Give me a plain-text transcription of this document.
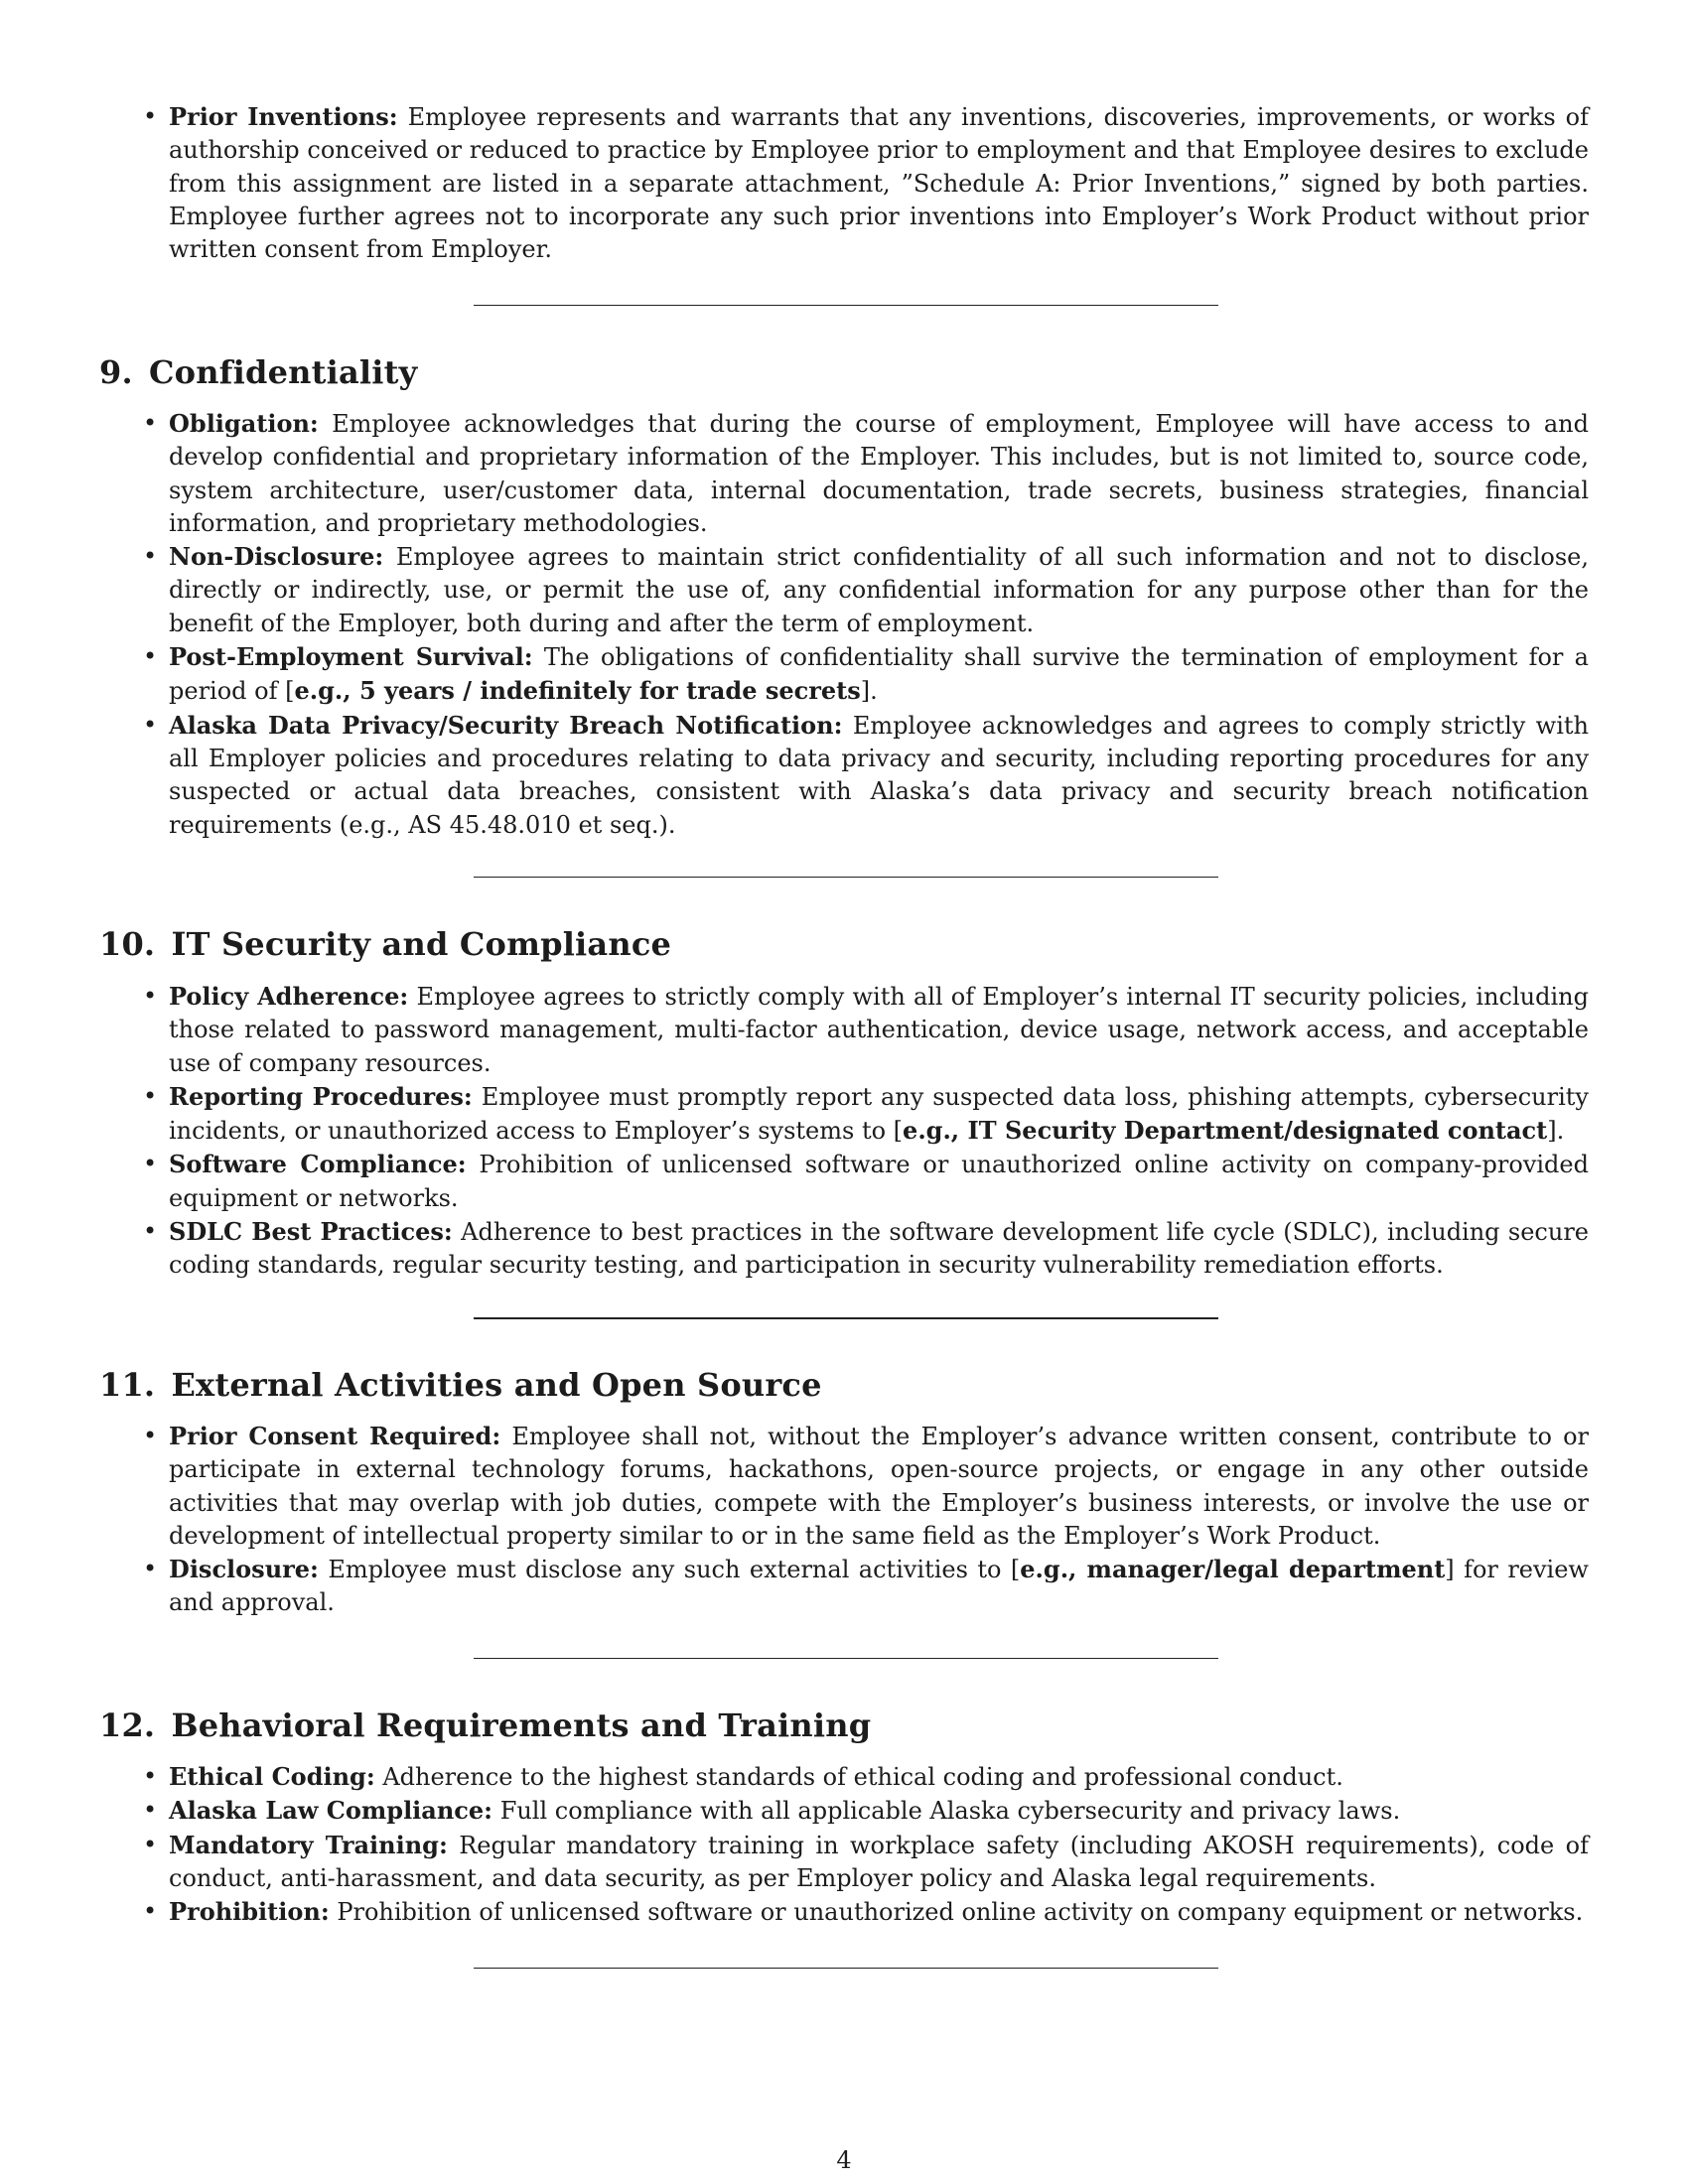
• Prior Inventions: Employee represents and warrants that any inventions, discoveries, improvements, or works of authorship conceived or reduced to practice by Employee prior to employment and that Employee desires to exclude from this assignment are listed in a separate attachment, ”Schedule A: Prior Inventions,” signed by both parties. Employee further agrees not to incorporate any such prior inventions into Employer’s Work Product without prior written consent from Employer.
9. Confidentiality
• Obligation: Employee acknowledges that during the course of employment, Employee will have access to and develop confidential and proprietary information of the Employer. This includes, but is not limited to, source code, system architecture, user/customer data, internal documentation, trade secrets, business strategies, financial information, and proprietary methodologies.
• Non-Disclosure: Employee agrees to maintain strict confidentiality of all such information and not to disclose, directly or indirectly, use, or permit the use of, any confidential information for any purpose other than for the benefit of the Employer, both during and after the term of employment.
• Post-Employment Survival: The obligations of confidentiality shall survive the termination of employment for a period of [e.g., 5 years / indefinitely for trade secrets].
• Alaska Data Privacy/Security Breach Notification: Employee acknowledges and agrees to comply strictly with all Employer policies and procedures relating to data privacy and security, including reporting procedures for any suspected or actual data breaches, consistent with Alaska’s data privacy and security breach notification requirements (e.g., AS 45.48.010 et seq.).
10. IT Security and Compliance
• Policy Adherence: Employee agrees to strictly comply with all of Employer’s internal IT security policies, including those related to password management, multi-factor authentication, device usage, network access, and acceptable use of company resources.
• Reporting Procedures: Employee must promptly report any suspected data loss, phishing attempts, cybersecurity incidents, or unauthorized access to Employer’s systems to [e.g., IT Security Department/designated contact].
• Software Compliance: Prohibition of unlicensed software or unauthorized online activity on company-provided equipment or networks.
• SDLC Best Practices: Adherence to best practices in the software development life cycle (SDLC), including secure coding standards, regular security testing, and participation in security vulnerability remediation efforts.
11. External Activities and Open Source
• Prior Consent Required: Employee shall not, without the Employer’s advance written consent, contribute to or participate in external technology forums, hackathons, open-source projects, or engage in any other outside activities that may overlap with job duties, compete with the Employer’s business interests, or involve the use or development of intellectual property similar to or in the same field as the Employer’s Work Product.
• Disclosure: Employee must disclose any such external activities to [e.g., manager/legal department] for review and approval.
12. Behavioral Requirements and Training
• Ethical Coding: Adherence to the highest standards of ethical coding and professional conduct.
• Alaska Law Compliance: Full compliance with all applicable Alaska cybersecurity and privacy laws.
• Mandatory Training: Regular mandatory training in workplace safety (including AKOSH requirements), code of conduct, anti-harassment, and data security, as per Employer policy and Alaska legal requirements.
• Prohibition: Prohibition of unlicensed software or unauthorized online activity on company equipment or networks.
4
